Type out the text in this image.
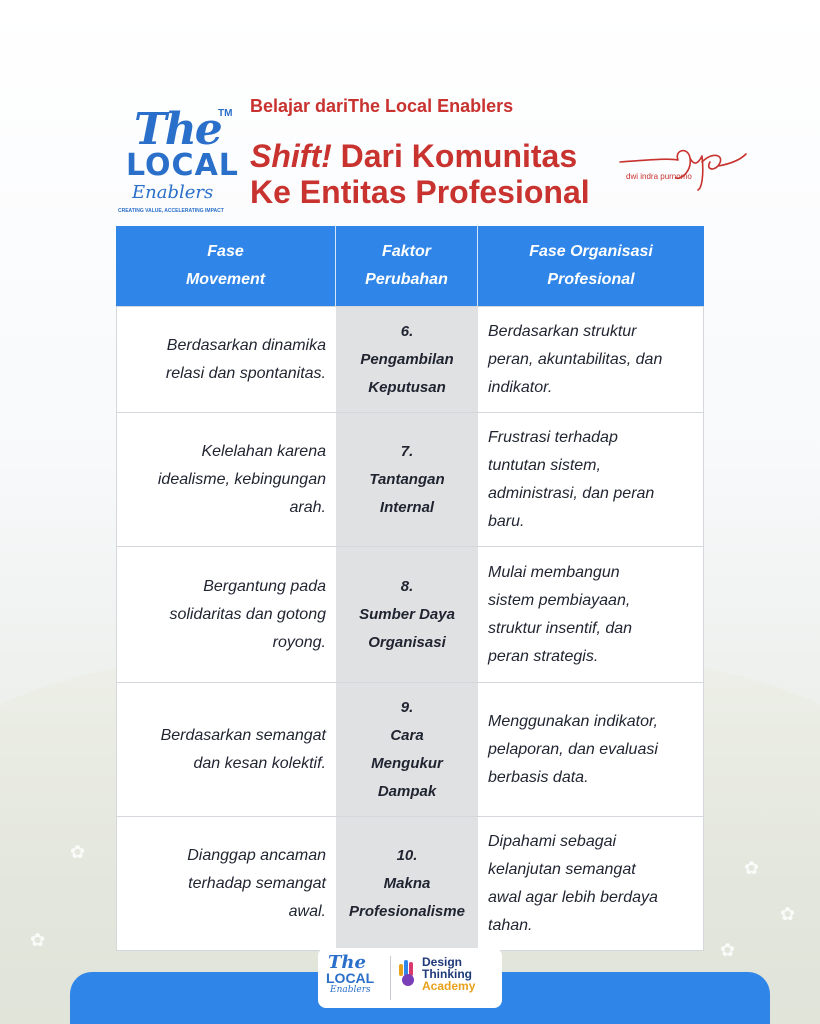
✿
✿
✿
✿
✿
The
TM
LOCAL
Enablers
CREATING VALUE, ACCELERATING IMPACT
Belajar dariThe Local Enablers
Shift! Dari Komunitas
Ke Entitas Profesional	dwi indra purnomo
Fase
Movement
Faktor
Perubahan
Fase Organisasi
Profesional
Berdasarkan dinamika
relasi dan spontanitas.
6.
Pengambilan
Keputusan
Berdasarkan struktur
peran, akuntabilitas, dan
indikator.
Kelelahan karena
idealisme, kebingungan
arah.
7.
Tantangan
Internal
Frustrasi terhadap
tuntutan sistem,
administrasi, dan peran
baru.
Bergantung pada
solidaritas dan gotong
royong.
8.
Sumber Daya
Organisasi
Mulai membangun
sistem pembiayaan,
struktur insentif, dan
peran strategis.
Berdasarkan semangat
dan kesan kolektif.
9.
Cara
Mengukur
Dampak
Menggunakan indikator,
pelaporan, dan evaluasi
berbasis data.
Dianggap ancaman
terhadap semangat
awal.
10.
Makna
Profesionalisme
Dipahami sebagai
kelanjutan semangat
awal agar lebih berdaya
tahan.
The
LOCAL
Enablers
Design
Thinking
Academy
